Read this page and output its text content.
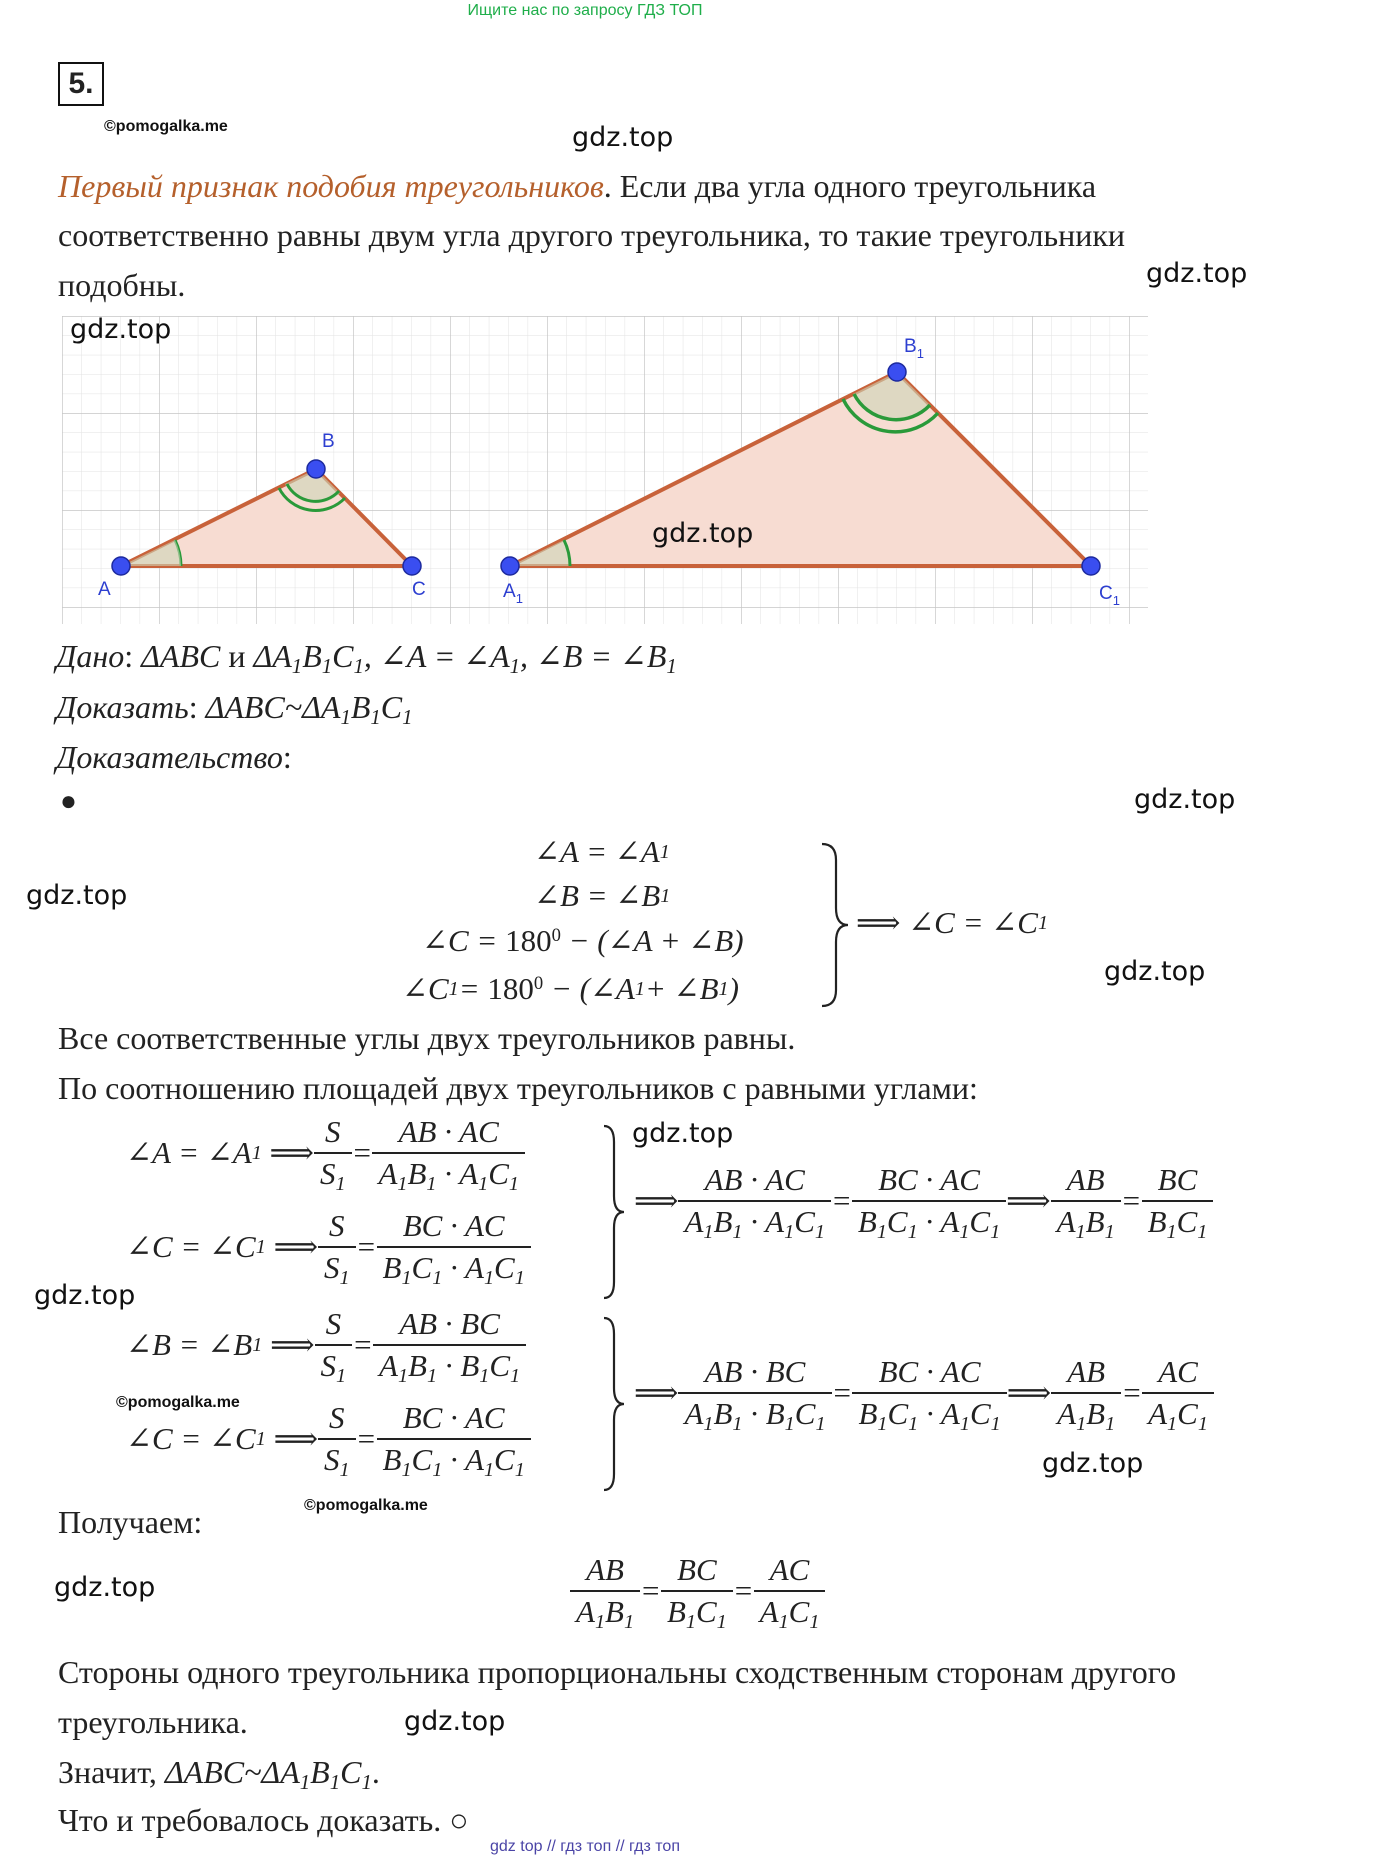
Ищите нас по запросу ГДЗ ТОП
5.
©pomogalka.me	gdz.top
Первый признак подобия треугольников. Если два угла одного треугольника
соответственно равны двум угла другого треугольника, то такие треугольники
подобны.	gdz.top
A
B
C	$A_1$
$B_1$
$C_1$
gdz.top
gdz.top
Дано: ΔABC и $\Delta A_1B_1C_1$, ∠A = $\angle A_1$, ∠B = $\angle B_1$
Доказать: $\Delta ABC\sim\Delta A_1B_1C_1$
Доказательство:
●	gdz.top
gdz.top
gdz.top
∠A = ∠A 1
∠B = ∠B 1
∠C = $180^0$ − (∠A + ∠B)
∠C $1 = 180^0$ − (∠A 1 + ∠B 1 )
⟹ ∠C = ∠C 1
Все соответственные углы двух треугольников равны.
По соотношению площадей двух треугольников с равными углами:
∠A = ∠A 1
⟹ $\frac{S}{S_1} = \frac{AB \cdot AC}{A_1B_1 \cdot A_1C_1}$
∠C = ∠C 1
⟹ $\frac{S}{S_1} = \frac{BC \cdot AC}{B_1C_1 \cdot A_1C_1}$
⟹ $\frac{AB \cdot AC}{A_1B_1 \cdot A_1C_1} = \frac{BC \cdot AC}{B_1C_1 \cdot A_1C_1}$ ⟹ $\frac{AB}{A_1B_1} = \frac{BC}{B_1C_1}$
gdz.top
gdz.top
∠B = ∠B 1
⟹ $\frac{S}{S_1} = \frac{AB \cdot BC}{A_1B_1 \cdot B_1C_1}$
∠C = ∠C 1
⟹ $\frac{S}{S_1} = \frac{BC \cdot AC}{B_1C_1 \cdot A_1C_1}$
⟹ $\frac{AB \cdot BC}{A_1B_1 \cdot B_1C_1} = \frac{BC \cdot AC}{B_1C_1 \cdot A_1C_1}$ ⟹ $\frac{AB}{A_1B_1} = \frac{AC}{A_1C_1}$
©pomogalka.me
gdz.top
©pomogalka.me
Получаем:
gdz.top	$\frac{AB}{A_1B_1} = \frac{BC}{B_1C_1} = \frac{AC}{A_1C_1}$
Стороны одного треугольника пропорциональны сходственным сторонам другого
треугольника.	gdz.top
Значит, $\Delta ABC\sim\Delta A_1B_1C_1$.
Что и требовалось доказать. ○
gdz top // гдз топ // гдз топ
